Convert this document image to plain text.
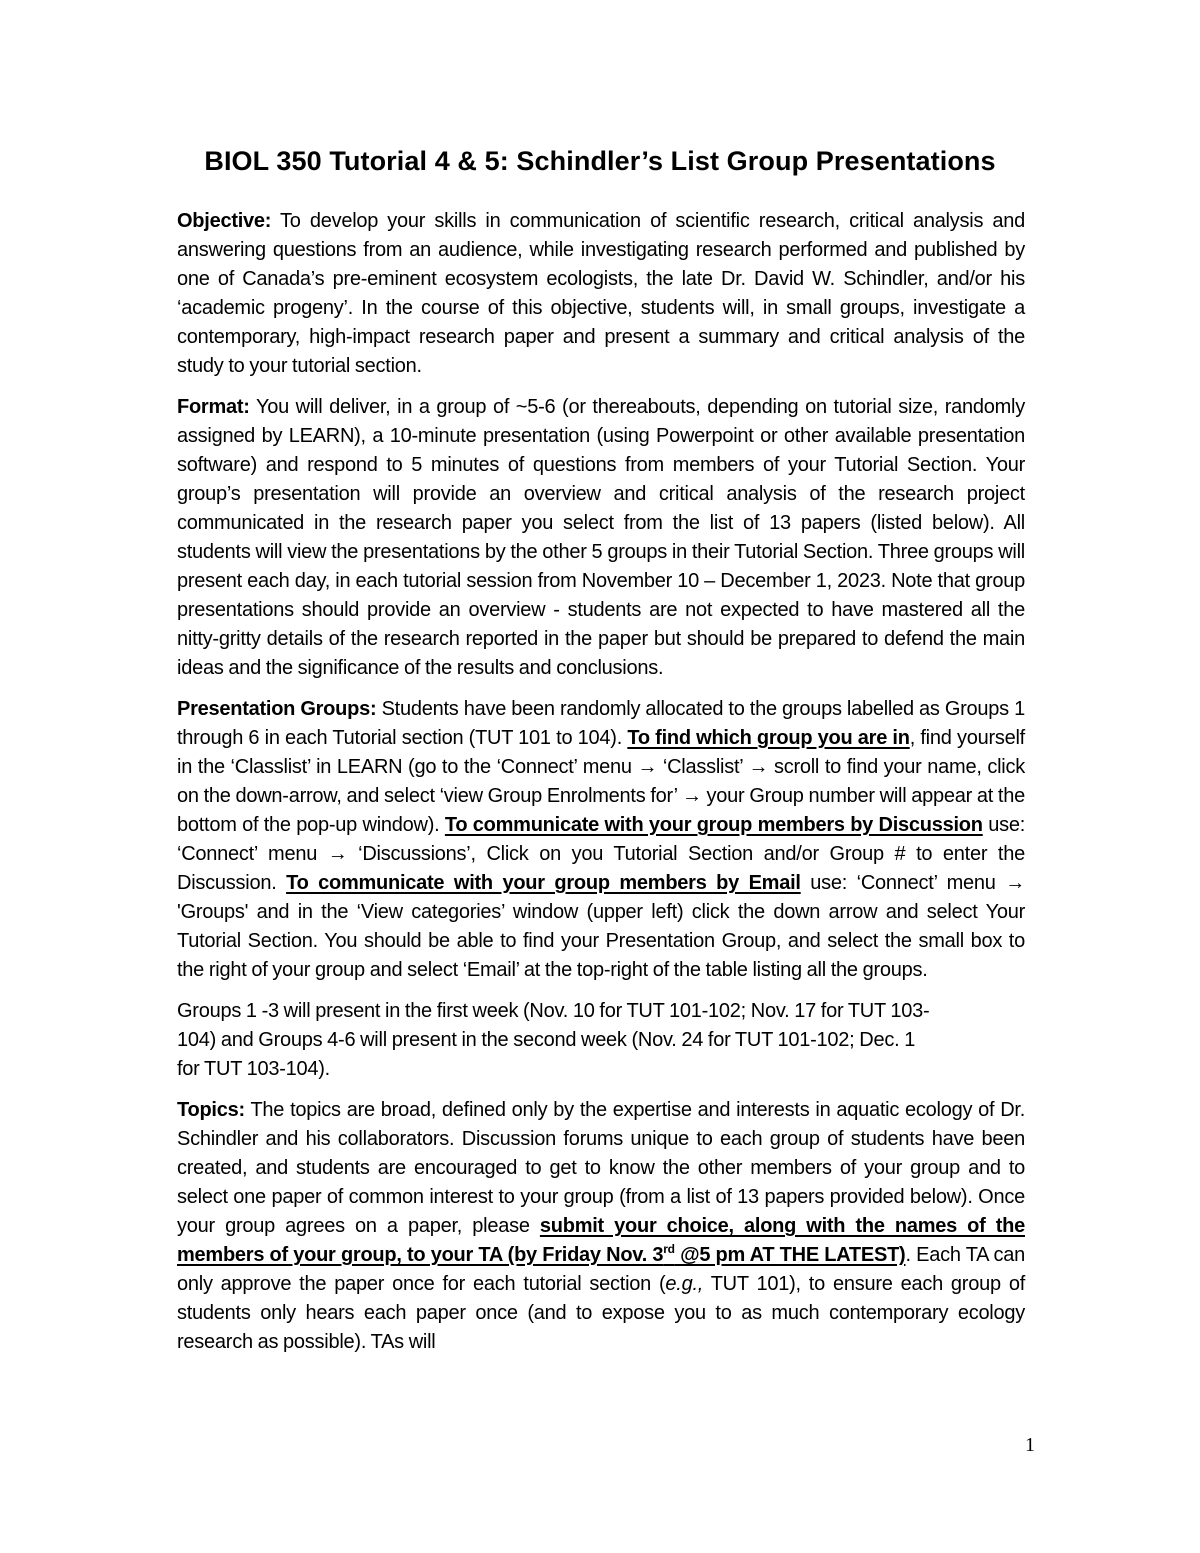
BIOL 350 Tutorial 4 & 5: Schindler’s List Group Presentations

Objective: To develop your skills in communication of scientific research, critical analysis and answering questions from an audience, while investigating research performed and published by one of Canada’s pre-eminent ecosystem ecologists, the late Dr. David W. Schindler, and/or his ‘academic progeny’. In the course of this objective, students will, in small groups, investigate a contemporary, high-impact research paper and present a summary and critical analysis of the study to your tutorial section.

Format: You will deliver, in a group of ~5-6 (or thereabouts, depending on tutorial size, randomly assigned by LEARN), a 10-minute presentation (using Powerpoint or other available presentation software) and respond to 5 minutes of questions from members of your Tutorial Section. Your group’s presentation will provide an overview and critical analysis of the research project communicated in the research paper you select from the list of 13 papers (listed below). All students will view the presentations by the other 5 groups in their Tutorial Section. Three groups will present each day, in each tutorial session from November 10 – December 1, 2023. Note that group presentations should provide an overview - students are not expected to have mastered all the nitty-gritty details of the research reported in the paper but should be prepared to defend the main ideas and the significance of the results and conclusions.

Presentation Groups: Students have been randomly allocated to the groups labelled as Groups 1 through 6 in each Tutorial section (TUT 101 to 104). To find which group you are in, find yourself in the ‘Classlist’ in LEARN (go to the ‘Connect’ menu → ‘Classlist’ → scroll to find your name, click on the down-arrow, and select ‘view Group Enrolments for’ → your Group number will appear at the bottom of the pop-up window). To communicate with your group members by Discussion use: ‘Connect’ menu → ‘Discussions’, Click on you Tutorial Section and/or Group # to enter the Discussion. To communicate with your group members by Email use: ‘Connect’ menu → 'Groups' and in the ‘View categories’ window (upper left) click the down arrow and select Your Tutorial Section. You should be able to find your Presentation Group, and select the small box to the right of your group and select ‘Email’ at the top-right of the table listing all the groups.

Groups 1 -3 will present in the first week (Nov. 10 for TUT 101-102; Nov. 17 for TUT 103-
104) and Groups 4-6 will present in the second week (Nov. 24 for TUT 101-102; Dec. 1
for TUT 103-104).

Topics: The topics are broad, defined only by the expertise and interests in aquatic ecology of Dr. Schindler and his collaborators. Discussion forums unique to each group of students have been created, and students are encouraged to get to know the other members of your group and to select one paper of common interest to your group (from a list of 13 papers provided below). Once your group agrees on a paper, please submit your choice, along with the names of the members of your group, to your TA (by Friday Nov. 3rd @5 pm AT THE LATEST). Each TA can only approve the paper once for each tutorial section (e.g., TUT 101), to ensure each group of students only hears each paper once (and to expose you to as much contemporary ecology research as possible). TAs will

1
